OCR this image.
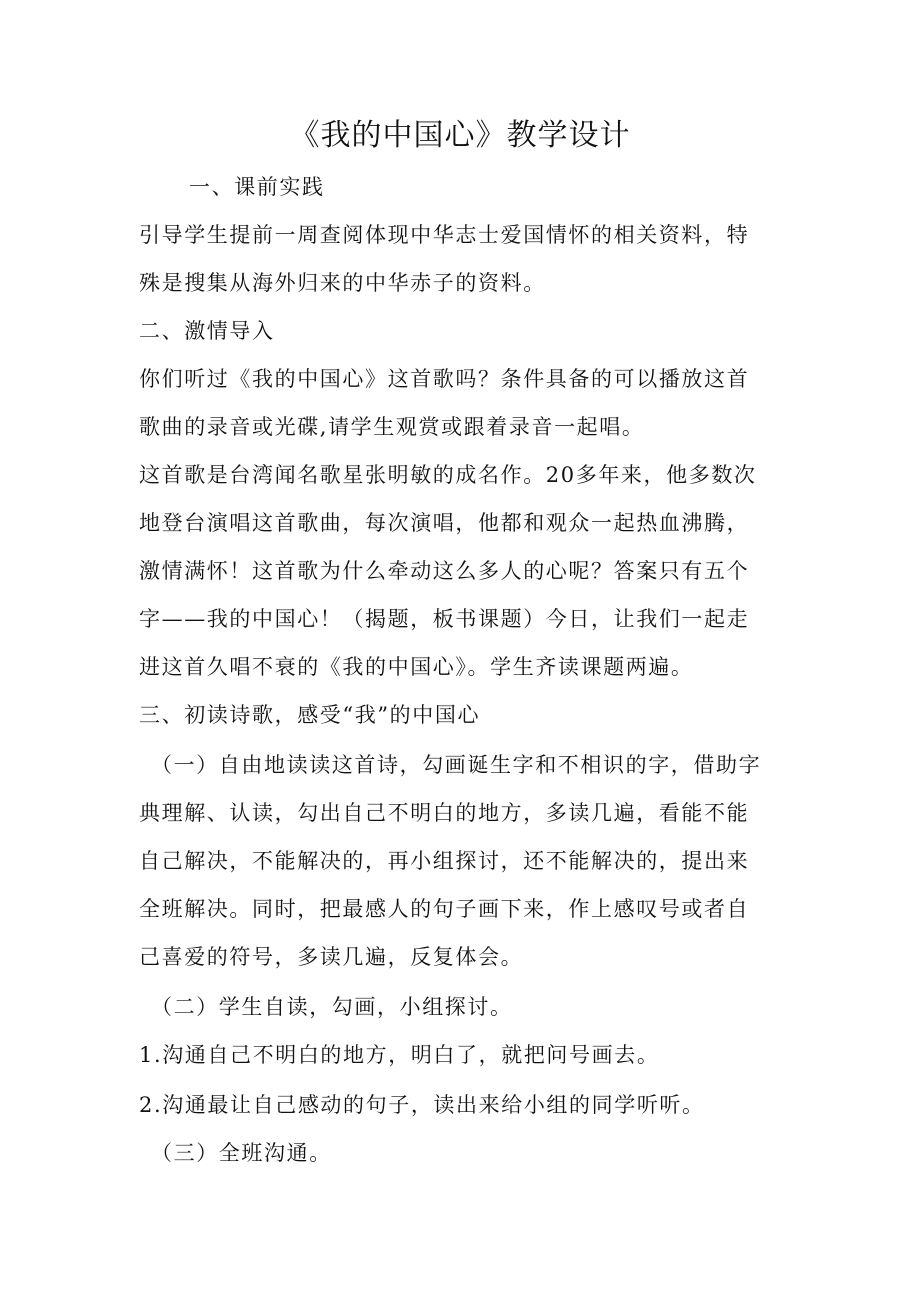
《我的中国心》教学设计
一、课前实践
引导学生提前一周查阅体现中华志士爱国情怀的相关资料，特
殊是搜集从海外归来的中华赤子的资料。
二、激情导入
你们听过《我的中国心》这首歌吗？条件具备的可以播放这首
歌曲的录音或光碟,请学生观赏或跟着录音一起唱。
这首歌是台湾闻名歌星张明敏的成名作。20多年来，他多数次
地登台演唱这首歌曲，每次演唱，他都和观众一起热血沸腾，
激情满怀！这首歌为什么牵动这么多人的心呢？答案只有五个
字——我的中国心！（揭题，板书课题）今日，让我们一起走
进这首久唱不衰的《我的中国心》。学生齐读课题两遍。
三、初读诗歌，感受“我”的中国心
（一）自由地读读这首诗，勾画诞生字和不相识的字，借助字
典理解、认读，勾出自己不明白的地方，多读几遍，看能不能
自己解决，不能解决的，再小组探讨，还不能解决的，提出来
全班解决。同时，把最感人的句子画下来，作上感叹号或者自
己喜爱的符号，多读几遍，反复体会。
（二）学生自读，勾画，小组探讨。
1.沟通自己不明白的地方，明白了，就把问号画去。
2.沟通最让自己感动的句子，读出来给小组的同学听听。
（三）全班沟通。
